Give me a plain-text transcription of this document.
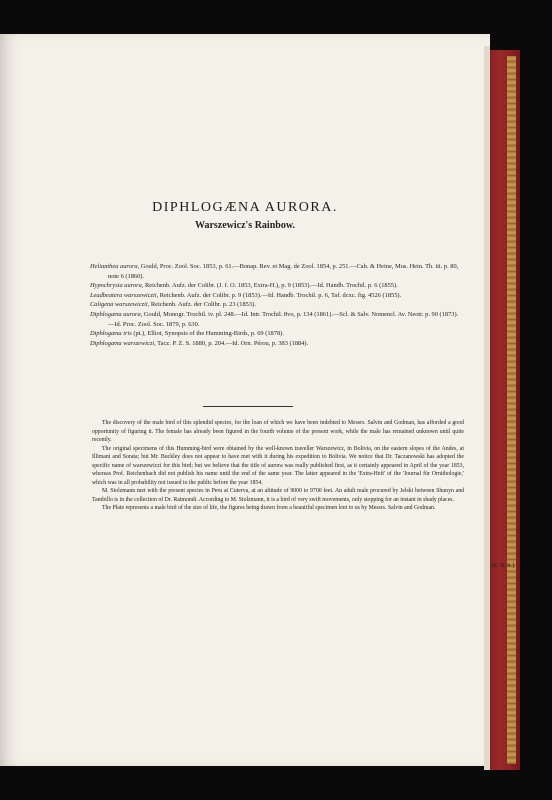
DIPHLOGÆNA AURORA.
Warszewicz's Rainbow.
Helianthea aurora, Gould, Proc. Zool. Soc. 1853, p. 61.—Bonap. Rev. et Mag. de Zool. 1854, p. 251.—Cab. & Heine, Mus. Hein. Th. iii. p. 80, note 6 (1860).
Hypochrysia aurora, Reichenb. Aufz. der Colibr. (J. f. O. 1853, Extra-H.), p. 9 (1853).—Id. Handb. Trochil. p. 6 (1855).
Leadbeatera warszewiczii, Reichenb. Aufz. der Colibr. p. 9 (1853).—Id. Handb. Trochil. p. 6, Taf. dcxc. fig. 4526 (1855).
Caligena warszewiczii, Reichenb. Aufz. der Colibr. p. 23 (1853).
Diphlogæna aurora, Gould, Monogr. Trochil. iv. pl. 248.—Id. Intr. Trochil. 8vo, p. 134 (1861).—Scl. & Salv. Nomencl. Av. Neotr. p. 90 (1873).—Id. Proc. Zool. Soc. 1879, p. 630.
Diphlogæna iris (pt.), Elliot, Synopsis of the Humming-Birds, p. 69 (1878).
Diphlogæna warszewiczi, Tacz. P. Z. S. 1880, p. 204.—Id. Orn. Pérou, p. 383 (1884).

The discovery of the male bird of this splendid species, for the loan of which we have been indebted to Messrs. Salvin and Godman, has afforded a good opportunity of figuring it. The female has already been figured in the fourth volume of the present work, while the male has remained unknown until quite recently.

The original specimens of this Humming-bird were obtained by the well-known traveller Warszewicz, in Bolivia, on the eastern slopes of the Andes, at Illimani and Sorata; but Mr. Buckley does not appear to have met with it during his expedition to Bolivia. We notice that Dr. Taczanowski has adopted the specific name of warszewiczi for this bird; but we believe that the title of aurora was really published first, as it certainly appeared in April of the year 1853, whereas Prof. Reichenbach did not publish his name until the end of the same year. The latter appeared in the 'Extra-Heft' of the 'Journal für Ornithologie,' which was in all probability not issued to the public before the year 1854.

M. Stolzmann met with the present species in Peru at Cuterva, at an altitude of 9000 to 9700 feet. An adult male procured by Jelski between Shunyn and Tambillo is in the collection of Dr. Raimondi. According to M. Stolzmann, it is a bird of very swift movements, only stopping for an instant in shady places.

The Plate represents a male bird of the size of life, the figures being drawn from a beautiful specimen lent to us by Messrs. Salvin and Godman.

[R. B. S.]
